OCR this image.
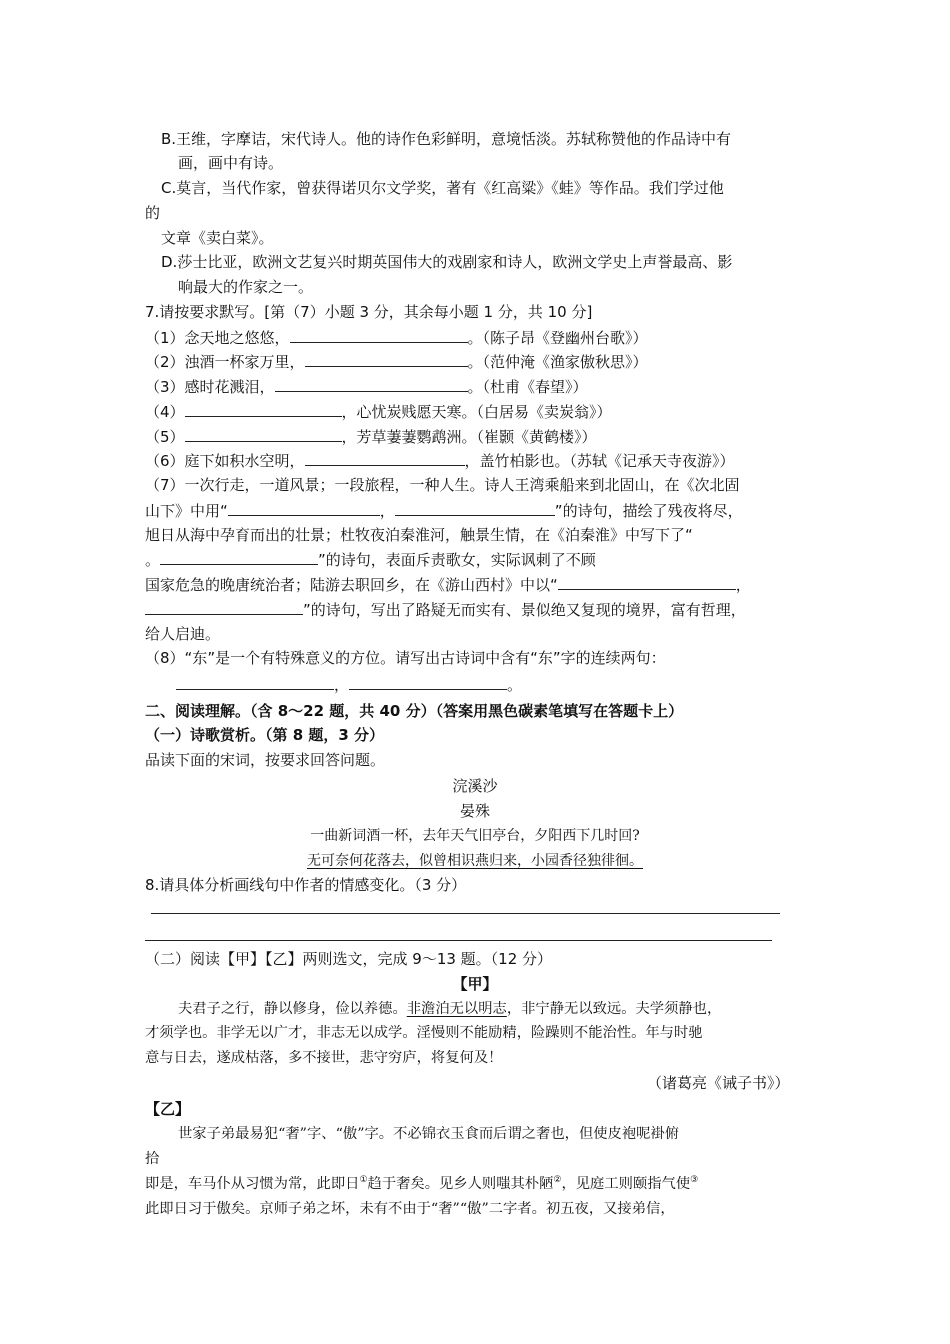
B.王维，字摩诘，宋代诗人。他的诗作色彩鲜明，意境恬淡。苏轼称赞他的作品诗中有
画，画中有诗。
C.莫言，当代作家，曾获得诺贝尔文学奖，著有《红高粱》《蛙》等作品。我们学过他
的
文章《卖白菜》。
D.莎士比亚，欧洲文艺复兴时期英国伟大的戏剧家和诗人，欧洲文学史上声誉最高、影
响最大的作家之一。
7.请按要求默写。[第（7）小题 3 分，其余每小题 1 分，共 10 分]
（1）念天地之悠悠，	。（陈子昂《登幽州台歌》）
（2）浊酒一杯家万里，	。（范仲淹《渔家傲秋思》）
（3）感时花溅泪，	。（杜甫《春望》）
（4）	，心忧炭贱愿天寒。（白居易《卖炭翁》）
（5）	，芳草萋萋鹦鹉洲。（崔颢《黄鹤楼》）
（6）庭下如积水空明，	，盖竹柏影也。（苏轼《记承天寺夜游》）
（7）一次行走，一道风景；一段旅程，一种人生。诗人王湾乘船来到北固山，在《次北固
山下》中用“	，	”的诗句，描绘了残夜将尽，
旭日从海中孕育而出的壮景；杜牧夜泊秦淮河，触景生情，在《泊秦淮》中写下了“
。	”的诗句，表面斥责歌女，实际讽刺了不顾
国家危急的晚唐统治者；陆游去职回乡，在《游山西村》中以“	，
”的诗句，写出了路疑无而实有、景似绝又复现的境界，富有哲理，
给人启迪。
（8）“东”是一个有特殊意义的方位。请写出古诗词中含有“东”字的连续两句：
，	。
二、阅读理解。（含 8～22 题，共 40 分）（答案用黑色碳素笔填写在答题卡上）
（一）诗歌赏析。（第 8 题，3 分）
品读下面的宋词，按要求回答问题。
浣溪沙
晏殊
一曲新词酒一杯，去年天气旧亭台，夕阳西下几时回?
无可奈何花落去，似曾相识燕归来，小园香径独徘徊。
8.请具体分析画线句中作者的情感变化。（3 分）
（二）阅读【甲】【乙】两则选文，完成 9～13 题。（12 分）
【甲】
夫君子之行，静以修身，俭以养德。非澹泊无以明志，非宁静无以致远。夫学须静也，
才须学也。非学无以广才，非志无以成学。淫慢则不能励精，险躁则不能治性。年与时驰
意与日去，遂成枯落，多不接世，悲守穷庐，将复何及！
（诸葛亮《诫子书》）
【乙】
世家子弟最易犯“奢”字、“傲”字。不必锦衣玉食而后谓之奢也，但使皮袍呢褂俯
拾
即是，车马仆从习惯为常，此即日①趋于奢矣。见乡人则嗤其朴陋②，见庭工则颐指气使③
此即日习于傲矣。京师子弟之坏，未有不由于“奢”“傲”二字者。初五夜，又接弟信，
